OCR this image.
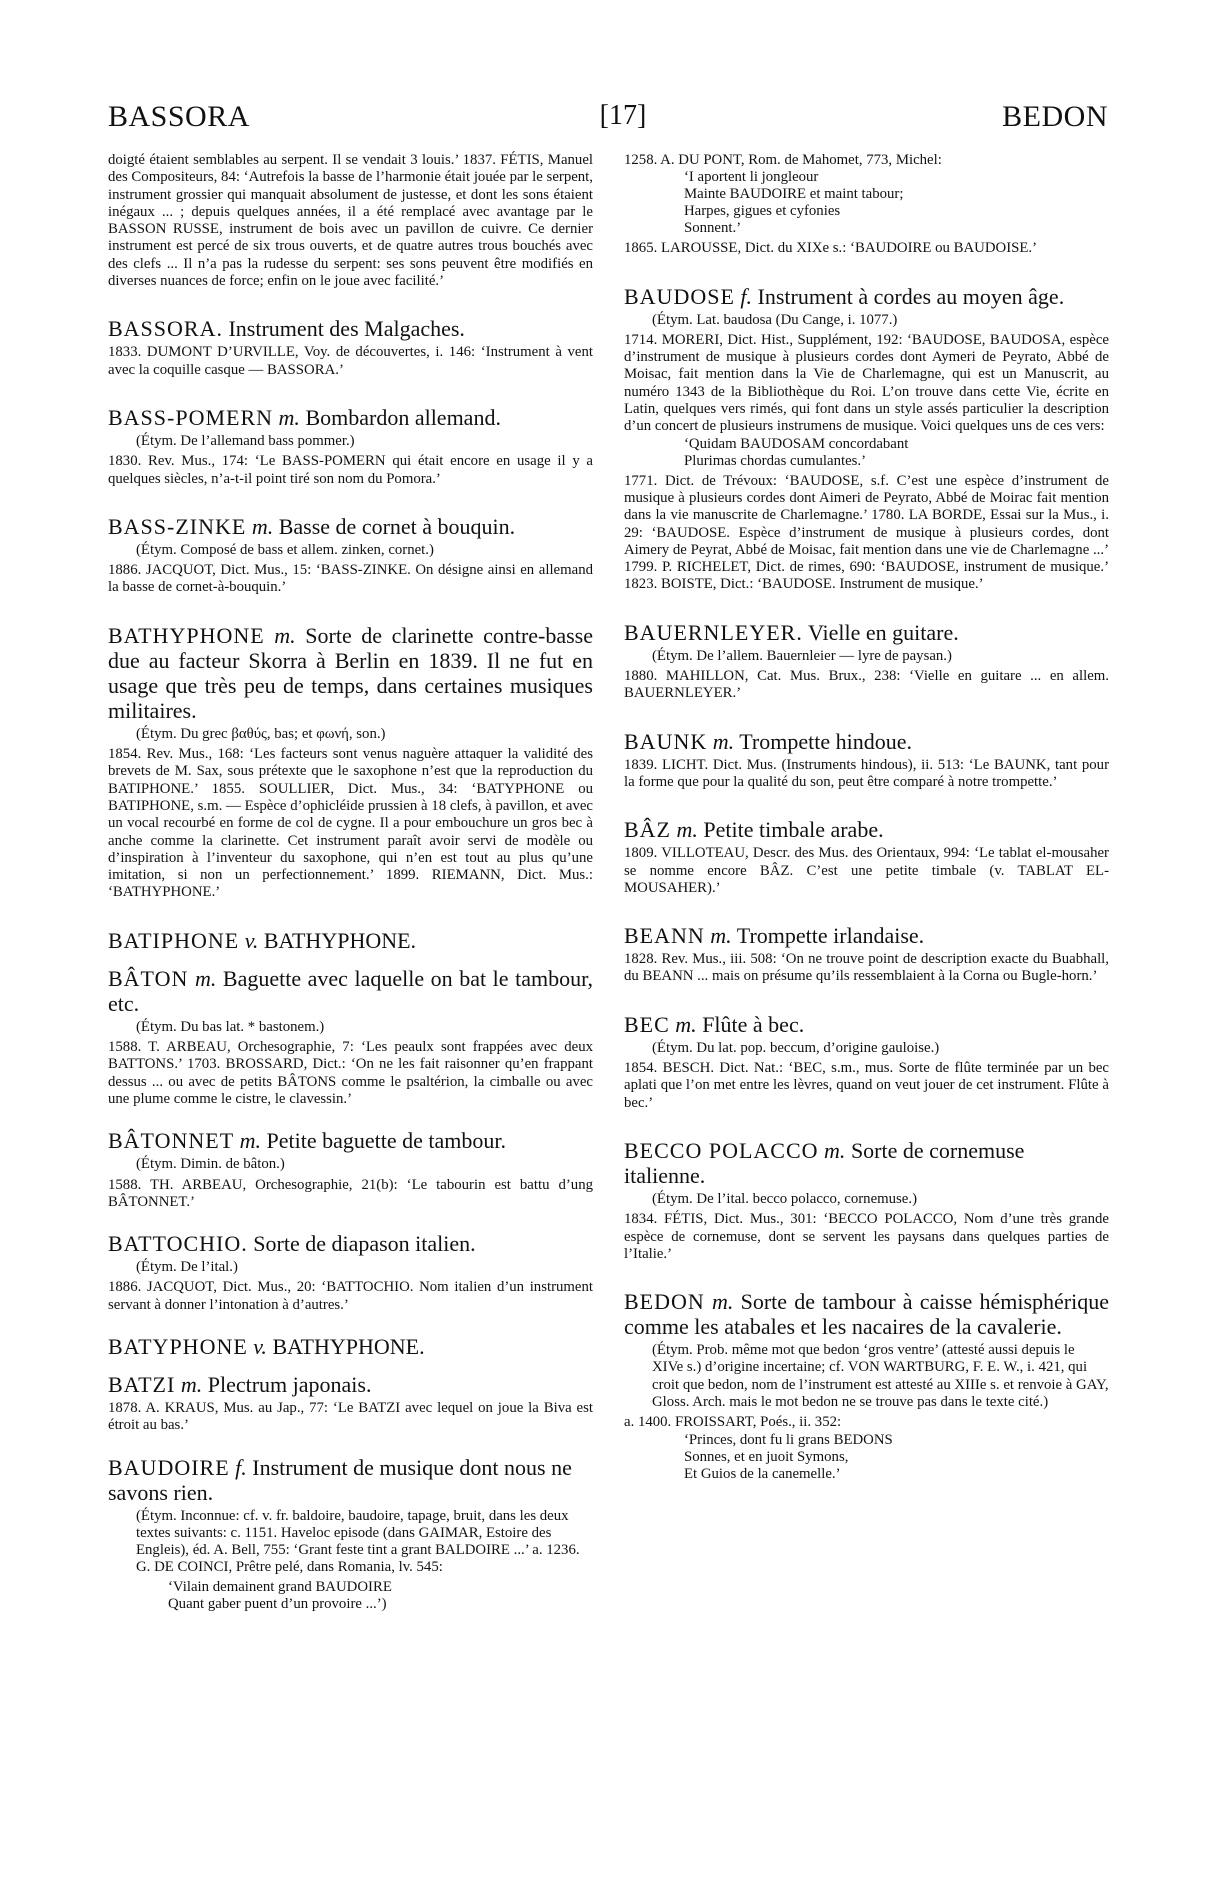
BASSORA	[17]	BEDON

doigté étaient semblables au serpent. Il se vendait 3 louis.’ 1837. FÉTIS, Manuel des Compositeurs, 84: ‘Autrefois la basse de l’harmonie était jouée par le serpent, instrument grossier qui manquait absolument de justesse, et dont les sons étaient inégaux ... ; depuis quelques années, il a été remplacé avec avantage par le BASSON RUSSE, instrument de bois avec un pavillon de cuivre. Ce dernier instrument est percé de six trous ouverts, et de quatre autres trous bouchés avec des clefs ... Il n’a pas la rudesse du serpent: ses sons peuvent être modifiés en diverses nuances de force; enfin on le joue avec facilité.’

BASSORA. Instrument des Malgaches.

1833. DUMONT D’URVILLE, Voy. de découvertes, i. 146: ‘Instrument à vent avec la coquille casque — BASSORA.’

BASS-POMERN m. Bombardon allemand.

(Étym. De l’allemand bass pommer.)

1830. Rev. Mus., 174: ‘Le BASS-POMERN qui était encore en usage il y a quelques siècles, n’a-t-il point tiré son nom du Pomora.’

BASS-ZINKE m. Basse de cornet à bouquin.

(Étym. Composé de bass et allem. zinken, cornet.)

1886. JACQUOT, Dict. Mus., 15: ‘BASS-ZINKE. On désigne ainsi en allemand la basse de cornet-à-bouquin.’

BATHYPHONE m. Sorte de clarinette contre-basse due au facteur Skorra à Berlin en 1839. Il ne fut en usage que très peu de temps, dans certaines musiques militaires.

(Étym. Du grec βαθύς, bas; et φωνή, son.)

1854. Rev. Mus., 168: ‘Les facteurs sont venus naguère attaquer la validité des brevets de M. Sax, sous prétexte que le saxophone n’est que la reproduction du BATIPHONE.’ 1855. SOULLIER, Dict. Mus., 34: ‘BATYPHONE ou BATIPHONE, s.m. — Espèce d’ophicléide prussien à 18 clefs, à pavillon, et avec un vocal recourbé en forme de col de cygne. Il a pour embouchure un gros bec à anche comme la clarinette. Cet instrument paraît avoir servi de modèle ou d’inspiration à l’inventeur du saxophone, qui n’en est tout au plus qu’une imitation, si non un perfectionnement.’ 1899. RIEMANN, Dict. Mus.: ‘BATHYPHONE.’

BATIPHONE v. BATHYPHONE.

BÂTON m. Baguette avec laquelle on bat le tambour, etc.

(Étym. Du bas lat. * bastonem.)

1588. T. ARBEAU, Orchesographie, 7: ‘Les peaulx sont frappées avec deux BATTONS.’ 1703. BROSSARD, Dict.: ‘On ne les fait raisonner qu’en frappant dessus ... ou avec de petits BÂTONS comme le psaltérion, la cimballe ou avec une plume comme le cistre, le clavessin.’

BÂTONNET m. Petite baguette de tambour.

(Étym. Dimin. de bâton.)

1588. TH. ARBEAU, Orchesographie, 21(b): ‘Le tabourin est battu d’ung BÂTONNET.’

BATTOCHIO. Sorte de diapason italien.

(Étym. De l’ital.)

1886. JACQUOT, Dict. Mus., 20: ‘BATTOCHIO. Nom italien d’un instrument servant à donner l’intonation à d’autres.’

BATYPHONE v. BATHYPHONE.

BATZI m. Plectrum japonais.

1878. A. KRAUS, Mus. au Jap., 77: ‘Le BATZI avec lequel on joue la Biva est étroit au bas.’

BAUDOIRE f. Instrument de musique dont nous ne savons rien.

(Étym. Inconnue: cf. v. fr. baldoire, baudoire, tapage, bruit, dans les deux textes suivants: c. 1151. Haveloc episode (dans GAIMAR, Estoire des Engleis), éd. A. Bell, 755: ‘Grant feste tint a grant BALDOIRE ...’ a. 1236. G. DE COINCI, Prêtre pelé, dans Romania, lv. 545:

‘Vilain demainent grand BAUDOIRE

Quant gaber puent d’un provoire ...’)

1258. A. DU PONT, Rom. de Mahomet, 773, Michel:

‘I aportent li jongleour

Mainte BAUDOIRE et maint tabour;

Harpes, gigues et cyfonies

Sonnent.’

1865. LAROUSSE, Dict. du XIXe s.: ‘BAUDOIRE ou BAUDOISE.’

BAUDOSE f. Instrument à cordes au moyen âge.

(Étym. Lat. baudosa (Du Cange, i. 1077.)

1714. MORERI, Dict. Hist., Supplément, 192: ‘BAUDOSE, BAUDOSA, espèce d’instrument de musique à plusieurs cordes dont Aymeri de Peyrato, Abbé de Moisac, fait mention dans la Vie de Charlemagne, qui est un Manuscrit, au numéro 1343 de la Bibliothèque du Roi. L’on trouve dans cette Vie, écrite en Latin, quelques vers rimés, qui font dans un style assés particulier la description d’un concert de plusieurs instrumens de musique. Voici quelques uns de ces vers:

‘Quidam BAUDOSAM concordabant

Plurimas chordas cumulantes.’

1771. Dict. de Trévoux: ‘BAUDOSE, s.f. C’est une espèce d’instrument de musique à plusieurs cordes dont Aimeri de Peyrato, Abbé de Moirac fait mention dans la vie manuscrite de Charlemagne.’ 1780. LA BORDE, Essai sur la Mus., i. 29: ‘BAUDOSE. Espèce d’instrument de musique à plusieurs cordes, dont Aimery de Peyrat, Abbé de Moisac, fait mention dans une vie de Charlemagne ...’ 1799. P. RICHELET, Dict. de rimes, 690: ‘BAUDOSE, instrument de musique.’ 1823. BOISTE, Dict.: ‘BAUDOSE. Instrument de musique.’

BAUERNLEYER. Vielle en guitare.

(Étym. De l’allem. Bauernleier — lyre de paysan.)

1880. MAHILLON, Cat. Mus. Brux., 238: ‘Vielle en guitare ... en allem. BAUERNLEYER.’

BAUNK m. Trompette hindoue.

1839. LICHT. Dict. Mus. (Instruments hindous), ii. 513: ‘Le BAUNK, tant pour la forme que pour la qualité du son, peut être comparé à notre trompette.’

BÂZ m. Petite timbale arabe.

1809. VILLOTEAU, Descr. des Mus. des Orientaux, 994: ‘Le tablat el-mousaher se nomme encore BÂZ. C’est une petite timbale (v. TABLAT EL-MOUSAHER).’

BEANN m. Trompette irlandaise.

1828. Rev. Mus., iii. 508: ‘On ne trouve point de description exacte du Buabhall, du BEANN ... mais on présume qu’ils ressemblaient à la Corna ou Bugle-horn.’

BEC m. Flûte à bec.

(Étym. Du lat. pop. beccum, d’origine gauloise.)

1854. BESCH. Dict. Nat.: ‘BEC, s.m., mus. Sorte de flûte terminée par un bec aplati que l’on met entre les lèvres, quand on veut jouer de cet instrument. Flûte à bec.’

BECCO POLACCO m. Sorte de cornemuse italienne.

(Étym. De l’ital. becco polacco, cornemuse.)

1834. FÉTIS, Dict. Mus., 301: ‘BECCO POLACCO, Nom d’une très grande espèce de cornemuse, dont se servent les paysans dans quelques parties de l’Italie.’

BEDON m. Sorte de tambour à caisse hémisphérique comme les atabales et les nacaires de la cavalerie.

(Étym. Prob. même mot que bedon ‘gros ventre’ (attesté aussi depuis le XIVe s.) d’origine incertaine; cf. VON WARTBURG, F. E. W., i. 421, qui croit que bedon, nom de l’instrument est attesté au XIIIe s. et renvoie à GAY, Gloss. Arch. mais le mot bedon ne se trouve pas dans le texte cité.)

a. 1400. FROISSART, Poés., ii. 352:

‘Princes, dont fu li grans BEDONS

Sonnes, et en juoit Symons,

Et Guios de la canemelle.’
